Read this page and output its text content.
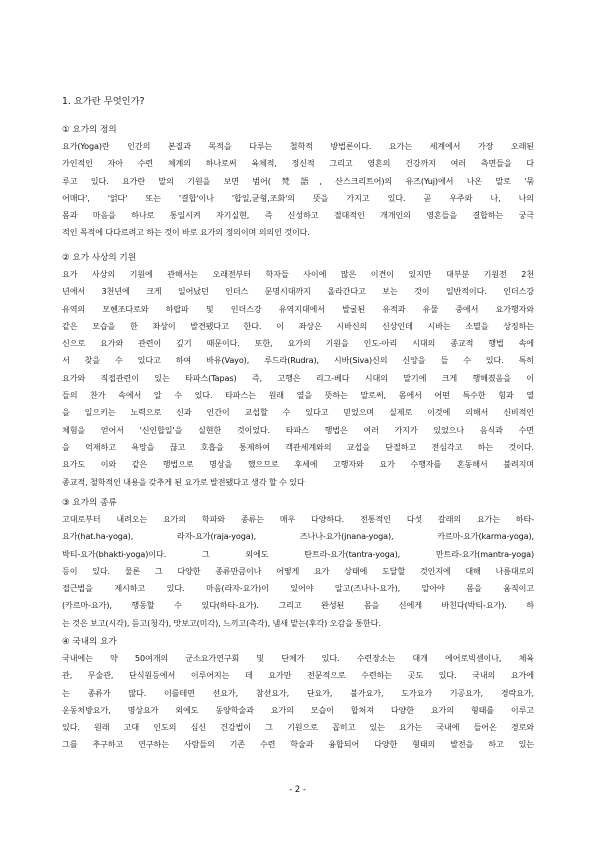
1. 요가란 무엇인가?
① 요가의 정의
요가(Yoga)란 인간의 본질과 목적을 다루는 철학적 방법론이다. 요가는 세계에서 가장 오래된
가인적인 자아 수련 체계의 하나로써 육체적, 정신적 그리고 영혼의 건강까지 여러 측면들을 다
루고 있다. 요가란 말의 기원을 보면 범어(梵語, 산스크리트어)의 유즈(Yuj)에서 나온 말로 '묶
어매다', '얽다' 또는 '결합'이나 '합일,균형,조화'의 뜻을 가지고 있다. 곧 우주와 나, 나의
몸과 마음을 하나로 통일시켜 자기실현, 즉 신성하고 절대적인 개개인의 영혼들을 결합하는 궁극
적인 목적에 다다르려고 하는 것이 바로 요가의 정의이며 의의인 것이다.
② 요가 사상의 기원
요가 사상의 기원에 관해서는 오래전부터 학자들 사이에 많은 이견이 있지만 대부분 기원전 2천
년에서 3천년에 크게 일어났던 인더스 문명시대까지 올라간다고 보는 것이 일반적이다. 인더스강
유역의 모헨조다로와 하랍파 및 인더스강 유역지대에서 발굴된 유적과 유물 중에서 요가행자와
같은 모습을 한 좌상이 발견됐다고 한다. 이 좌상은 시바신의 신상인데 시바는 소멸을 상징하는
신으로 요가와 관련이 깊기 때문이다. 또한, 요가의 기원을 인도-아리 시대의 종교적 행법 속에
서 찾을 수 있다고 하여 바유(Vayo), 루드라(Rudra), 시바(Siva)신의 신앙을 들 수 있다. 특히
요가와 직접관련이 있는 타파스(Tapas) 즉, 고행은 리그-베다 시대의 말기에 크게 행해졌음을 이
들의 찬가 속에서 알 수 있다. 타파스는 원래 열을 뜻하는 말로써, 몸에서 어떤 특수한 힘과 열
을 일으키는 노력으로 신과 인간이 교섭할 수 있다고 믿었으며 실제로 이것에 의해서 신비적인
체험을 얻어서 '신인합일'을 실현한 것이었다. 타파스 행법은 여러 가지가 있었으나 음식과 수면
을 억제하고 욕망을 끊고 호흡을 통제하여 객관세계와의 교섭을 단절하고 전심각고 하는 것이다.
요가도 이와 같은 행법으로 명상을 했으므로 후세에 고행자와 요가 수행자를 혼동해서 불려지며
종교적, 철학적인 내용을 갖추게 된 요가로 발전됐다고 생각 할 수 있다
③ 요가의 종류
고대로부터 내려오는 요가의 학파와 종류는 매우 다양하다. 전통적인 다섯 갈래의 요가는 하타-
요가(hat.ha-yoga), 라자-요가(raja-yoga), 즈나나-요가(jnana-yoga), 카르마-요가(karma-yoga),
박티-요가(bhakti-yoga)이다. 그 외에도 탄트라-요가(tantra-yoga), 만트라-요가(mantra-yoga)
등이 있다. 물론 그 다양한 종류만큼이나 어떻게 요가 상태에 도달할 것인지에 대해 나름대로의
접근법을 제시하고 있다. 마음(라자-요가)이 있어야 알고(즈나나-요가), 알아야 몸을 움직이고
(카르마-요가), 행동할 수 있다(하타-요가). 그리고 완성된 몸을 신에게 바친다(박티-요가). 하
는 것은 보고(시각), 듣고(청각), 맛보고(미각), 느끼고(촉각), 냄새 맡는(후각) 오감을 통한다.
④ 국내의 요가
국내에는 약 50여개의 군소요가연구회 및 단체가 있다. 수련장소는 대개 에어로빅센이나, 체육
관, 무술관, 단식원등에서 이루어지는 데 요가만 전문적으로 수련하는 곳도 있다. 국내의 요가에
는 종류가 많다. 이를테면 선요가, 참선요가, 단요가, 불가요가, 도가요가 기공요가, 경락요가,
운동처방요가, 명상요가 외에도 동양학술과 요가의 모습이 합쳐져 다양한 요가의 형태를 이루고
있다. 원래 고대 인도의 심신 건강법이 그 기원으로 꼽히고 있는 요가는 국내에 들어온 경로와
그를 추구하고 연구하는 사람들의 기존 수련 학술과 융합되어 다양한 형태의 발전을 하고 있는
- 2 -
